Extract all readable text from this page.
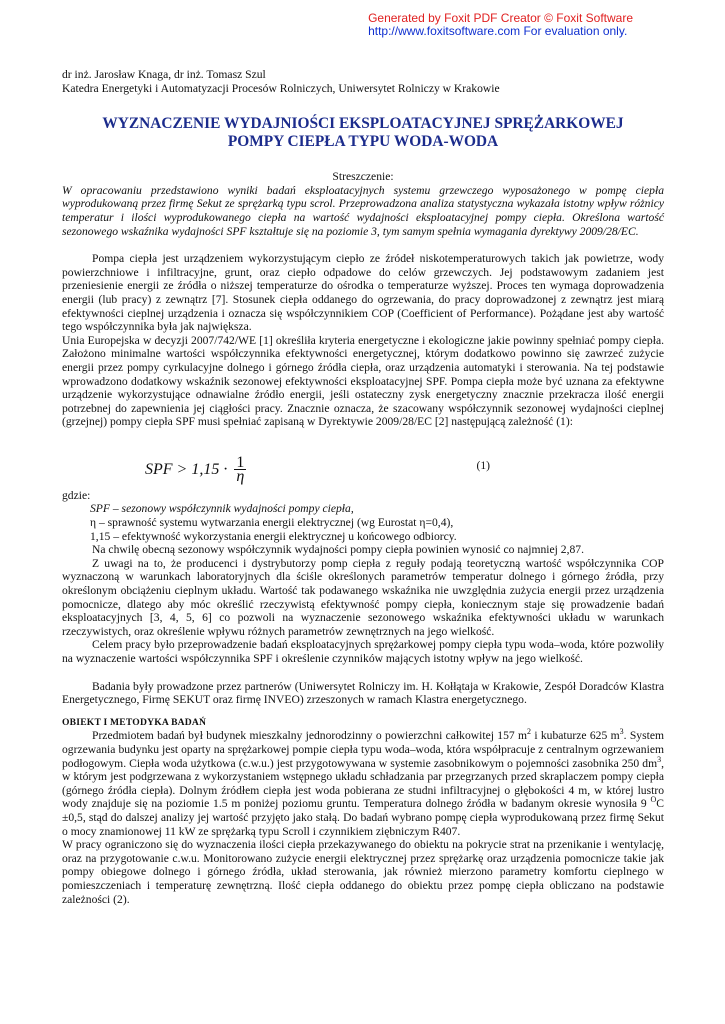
Generated by Foxit PDF Creator © Foxit Software
http://www.foxitsoftware.com For evaluation only.

dr inż. Jarosław Knaga, dr inż. Tomasz Szul

Katedra Energetyki i Automatyzacji Procesów Rolniczych, Uniwersytet Rolniczy w Krakowie

WYZNACZENIE WYDAJNIOŚCI EKSPLOATACYJNEJ SPRĘŻARKOWEJ
POMPY CIEPŁA TYPU WODA-WODA
Streszczenie:

W opracowaniu przedstawiono wyniki badań eksploatacyjnych systemu grzewczego wyposażonego w pompę ciepła wyprodukowaną przez firmę Sekut ze sprężarką typu scrol. Przeprowadzona analiza statystyczna wykazała istotny wpływ różnicy temperatur i ilości wyprodukowanego ciepła na wartość wydajności eksploatacyjnej pompy ciepła. Określona wartość sezonowego wskaźnika wydajności SPF kształtuje się na poziomie 3, tym samym spełnia wymagania dyrektywy 2009/28/EC.

Pompa ciepła jest urządzeniem wykorzystującym ciepło ze źródeł niskotemperaturowych takich jak powietrze, wody powierzchniowe i infiltracyjne, grunt, oraz ciepło odpadowe do celów grzewczych. Jej podstawowym zadaniem jest przeniesienie energii ze źródła o niższej temperaturze do ośrodka o temperaturze wyższej. Proces ten wymaga doprowadzenia energii (lub pracy) z zewnątrz [7]. Stosunek ciepła oddanego do ogrzewania, do pracy doprowadzonej z zewnątrz jest miarą efektywności cieplnej urządzenia i oznacza się współczynnikiem COP (Coefficient of Performance). Pożądane jest aby wartość tego współczynnika była jak największa.

Unia Europejska w decyzji 2007/742/WE [1] określiła kryteria energetyczne i ekologiczne jakie powinny spełniać pompy ciepła. Założono minimalne wartości współczynnika efektywności energetycznej, którym dodatkowo powinno się zawrzeć zużycie energii przez pompy cyrkulacyjne dolnego i górnego źródła ciepła, oraz urządzenia automatyki i sterowania. Na tej podstawie wprowadzono dodatkowy wskaźnik sezonowej efektywności eksploatacyjnej SPF. Pompa ciepła może być uznana za efektywne urządzenie wykorzystujące odnawialne źródło energii, jeśli ostateczny zysk energetyczny znacznie przekracza ilość energii potrzebnej do zapewnienia jej ciągłości pracy. Znacznie oznacza, że szacowany współczynnik sezonowej wydajności cieplnej (grzejnej) pompy ciepła SPF musi spełniać zapisaną w Dyrektywie 2009/28/EC [2] następującą zależność (1):

SPF > $1,15 \cdot \frac{1}{\eta}$	(1)

gdzie:

SPF – sezonowy współczynnik wydajności pompy ciepła,

η – sprawność systemu wytwarzania energii elektrycznej (wg Eurostat η=0,4),

1,15 – efektywność wykorzystania energii elektrycznej u końcowego odbiorcy.

Na chwilę obecną sezonowy współczynnik wydajności pompy ciepła powinien wynosić co najmniej 2,87.

Z uwagi na to, że producenci i dystrybutorzy pomp ciepła z reguły podają teoretyczną wartość współczynnika COP wyznaczoną w warunkach laboratoryjnych dla ściśle określonych parametrów temperatur dolnego i górnego źródła, przy określonym obciążeniu cieplnym układu. Wartość tak podawanego wskaźnika nie uwzględnia zużycia energii przez urządzenia pomocnicze, dlatego aby móc określić rzeczywistą efektywność pompy ciepła, koniecznym staje się prowadzenie badań eksploatacyjnych [3, 4, 5, 6] co pozwoli na wyznaczenie sezonowego wskaźnika efektywności układu w warunkach rzeczywistych, oraz określenie wpływu różnych parametrów zewnętrznych na jego wielkość.

Celem pracy było przeprowadzenie badań eksploatacyjnych sprężarkowej pompy ciepła typu woda–woda, które pozwoliły na wyznaczenie wartości współczynnika SPF i określenie czynników mających istotny wpływ na jego wielkość.

Badania były prowadzone przez partnerów (Uniwersytet Rolniczy im. H. Kołłątaja w Krakowie, Zespół Doradców Klastra Energetycznego, Firmę SEKUT oraz firmę INVEO) zrzeszonych w ramach Klastra energetycznego.

OBIEKT I METODYKA BADAŃ

Przedmiotem badań był budynek mieszkalny jednorodzinny o powierzchni całkowitej 157 $m^2$ i kubaturze 625 $m^3$. System ogrzewania budynku jest oparty na sprężarkowej pompie ciepła typu woda–woda, która współpracuje z centralnym ogrzewaniem podłogowym. Ciepła woda użytkowa (c.w.u.) jest przygotowywana w systemie zasobnikowym o pojemności zasobnika 250 $dm^3$, w którym jest podgrzewana z wykorzystaniem wstępnego układu schładzania par przegrzanych przed skraplaczem pompy ciepła (górnego źródła ciepła). Dolnym źródłem ciepła jest woda pobierana ze studni infiltracyjnej o głębokości 4 m, w której lustro wody znajduje się na poziomie 1.5 m poniżej poziomu gruntu. Temperatura dolnego źródła w badanym okresie wynosiła 9 $^O$C ±0,5, stąd do dalszej analizy jej wartość przyjęto jako stałą. Do badań wybrano pompę ciepła wyprodukowaną przez firmę Sekut o mocy znamionowej 11 kW ze sprężarką typu Scroll i czynnikiem ziębniczym R407.

W pracy ograniczono się do wyznaczenia ilości ciepła przekazywanego do obiektu na pokrycie strat na przenikanie i wentylację, oraz na przygotowanie c.w.u. Monitorowano zużycie energii elektrycznej przez sprężarkę oraz urządzenia pomocnicze takie jak pompy obiegowe dolnego i górnego źródła, układ sterowania, jak również mierzono parametry komfortu cieplnego w pomieszczeniach i temperaturę zewnętrzną. Ilość ciepła oddanego do obiektu przez pompę ciepła obliczano na podstawie zależności (2).
